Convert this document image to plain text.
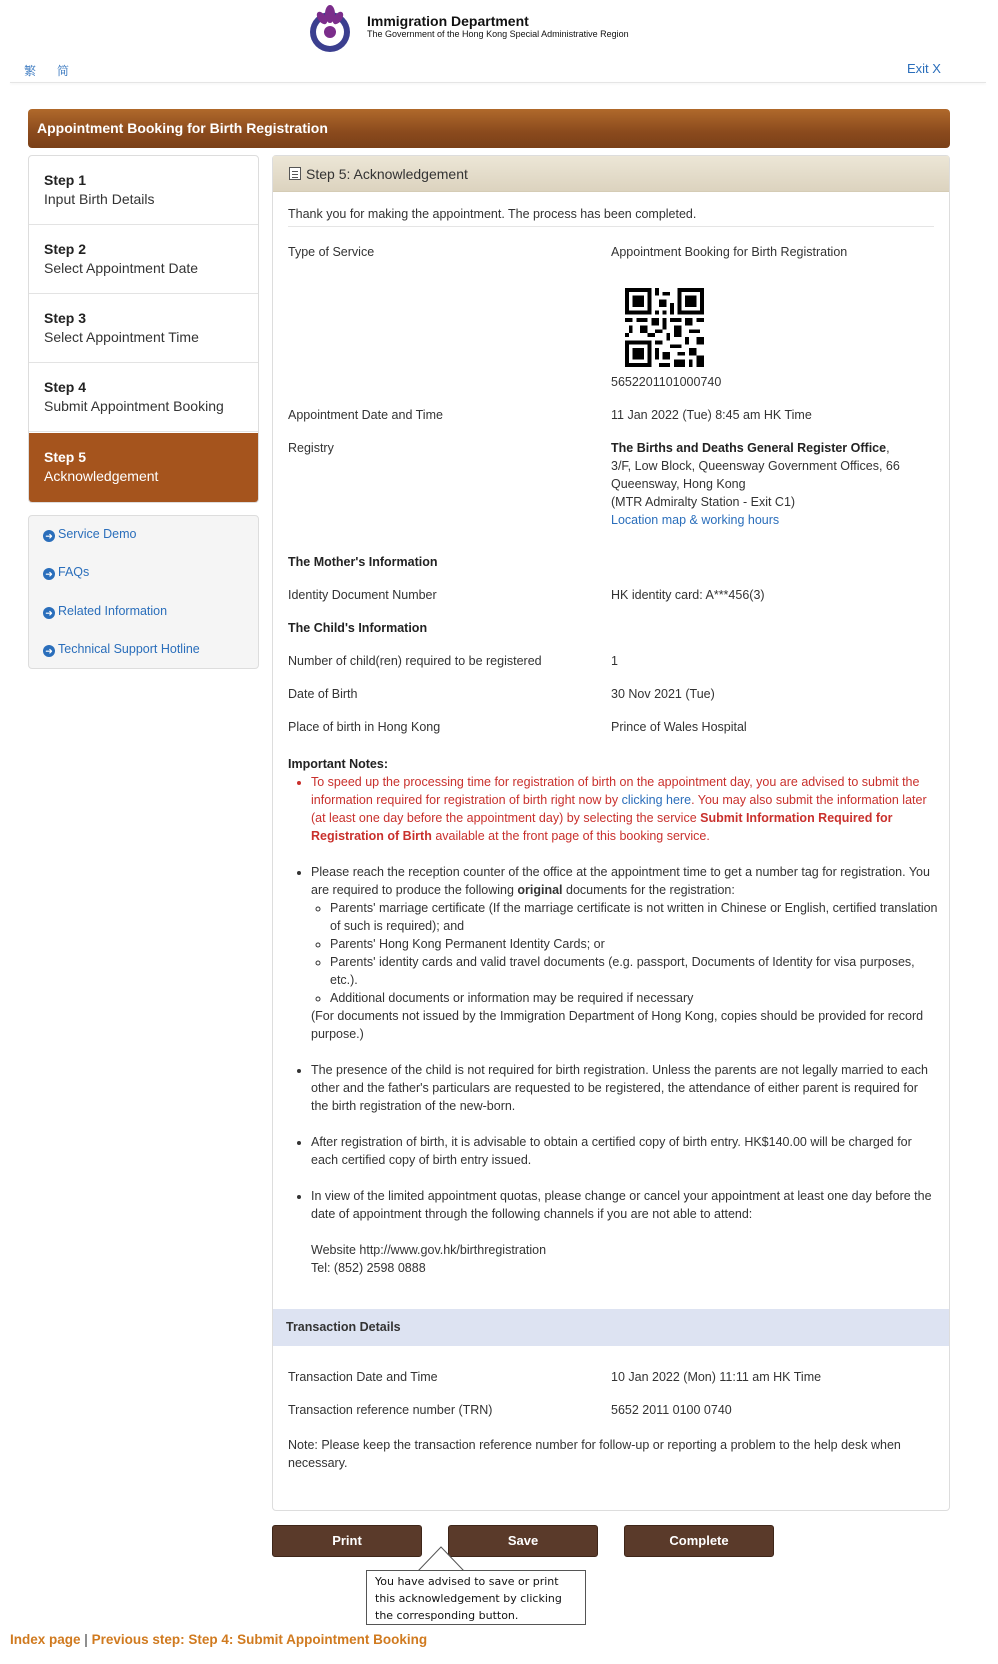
Immigration Department
The Government of the Hong Kong Special Administrative Region
繁 简	Exit X
Appointment Booking for Birth Registration
Step 1
Input Birth Details
Step 2
Select Appointment Date
Step 3
Select Appointment Time
Step 4
Submit Appointment Booking
Step 5
Acknowledgement
➜ Service Demo
➜ FAQs
➜ Related Information
➜ Technical Support Hotline
Step 5: Acknowledgement
Thank you for making the appointment. The process has been completed.
Type of Service	Appointment Booking for Birth Registration
5652201101000740
Appointment Date and Time	11 Jan 2022 (Tue) 8:45 am HK Time
Registry	The Births and Deaths General Register Office,
3/F, Low Block, Queensway Government Offices, 66
Queensway, Hong Kong
(MTR Admiralty Station - Exit C1)
Location map & working hours
The Mother's Information
Identity Document Number	HK identity card: A***456(3)
The Child's Information
Number of child(ren) required to be registered	1
Date of Birth	30 Nov 2021 (Tue)
Place of birth in Hong Kong	Prince of Wales Hospital
Important Notes:
• To speed up the processing time for registration of birth on the appointment day, you are advised to submit the information required for registration of birth right now by clicking here. You may also submit the information later (at least one day before the appointment day) by selecting the service Submit Information Required for Registration of Birth available at the front page of this booking service.
• Please reach the reception counter of the office at the appointment time to get a number tag for registration. You are required to produce the following original documents for the registration:
◦ Parents' marriage certificate (If the marriage certificate is not written in Chinese or English, certified translation of such is required); and
◦ Parents' Hong Kong Permanent Identity Cards; or
◦ Parents' identity cards and valid travel documents (e.g. passport, Documents of Identity for visa purposes, etc.).
◦ Additional documents or information may be required if necessary
(For documents not issued by the Immigration Department of Hong Kong, copies should be provided for record purpose.)
• The presence of the child is not required for birth registration. Unless the parents are not legally married to each other and the father's particulars are requested to be registered, the attendance of either parent is required for the birth registration of the new-born.
• After registration of birth, it is advisable to obtain a certified copy of birth entry. HK$140.00 will be charged for each certified copy of birth entry issued.
• In view of the limited appointment quotas, please change or cancel your appointment at least one day before the date of appointment through the following channels if you are not able to attend:
Website http://www.gov.hk/birthregistration
Tel: (852) 2598 0888
Transaction Details
Transaction Date and Time	10 Jan 2022 (Mon) 11:11 am HK Time
Transaction reference number (TRN)	5652 2011 0100 0740
Note: Please keep the transaction reference number for follow-up or reporting a problem to the help desk when necessary.
Print	Save	Complete
You have advised to save or print
this acknowledgement by clicking
the corresponding button.
Index page | Previous step: Step 4: Submit Appointment Booking
